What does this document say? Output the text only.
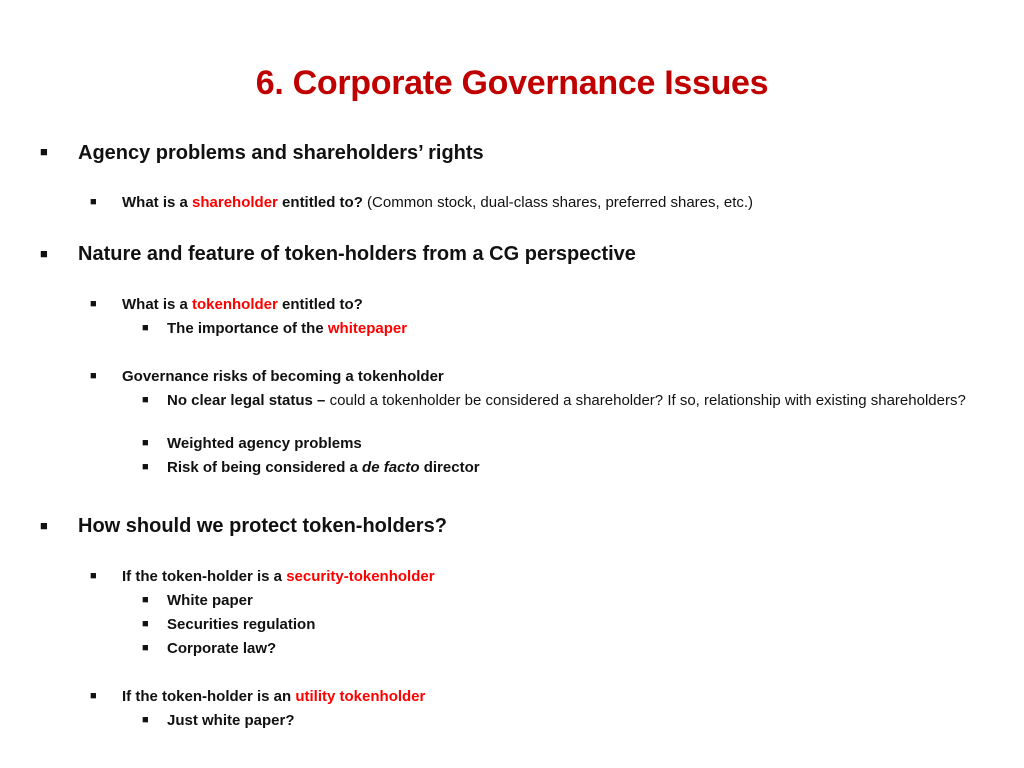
6. Corporate Governance Issues
■ Agency problems and shareholders’ rights
■ What is a shareholder entitled to? (Common stock, dual-class shares, preferred shares, etc.)
■ Nature and feature of token-holders from a CG perspective
■ What is a tokenholder entitled to?
■ The importance of the whitepaper
■ Governance risks of becoming a tokenholder
■ No clear legal status – could a tokenholder be considered a shareholder? If so, relationship with existing shareholders?
■ Weighted agency problems
■ Risk of being considered a de facto director
■ How should we protect token-holders?
■ If the token-holder is a security-tokenholder
■ White paper
■ Securities regulation
■ Corporate law?
■ If the token-holder is an utility tokenholder
■ Just white paper?
